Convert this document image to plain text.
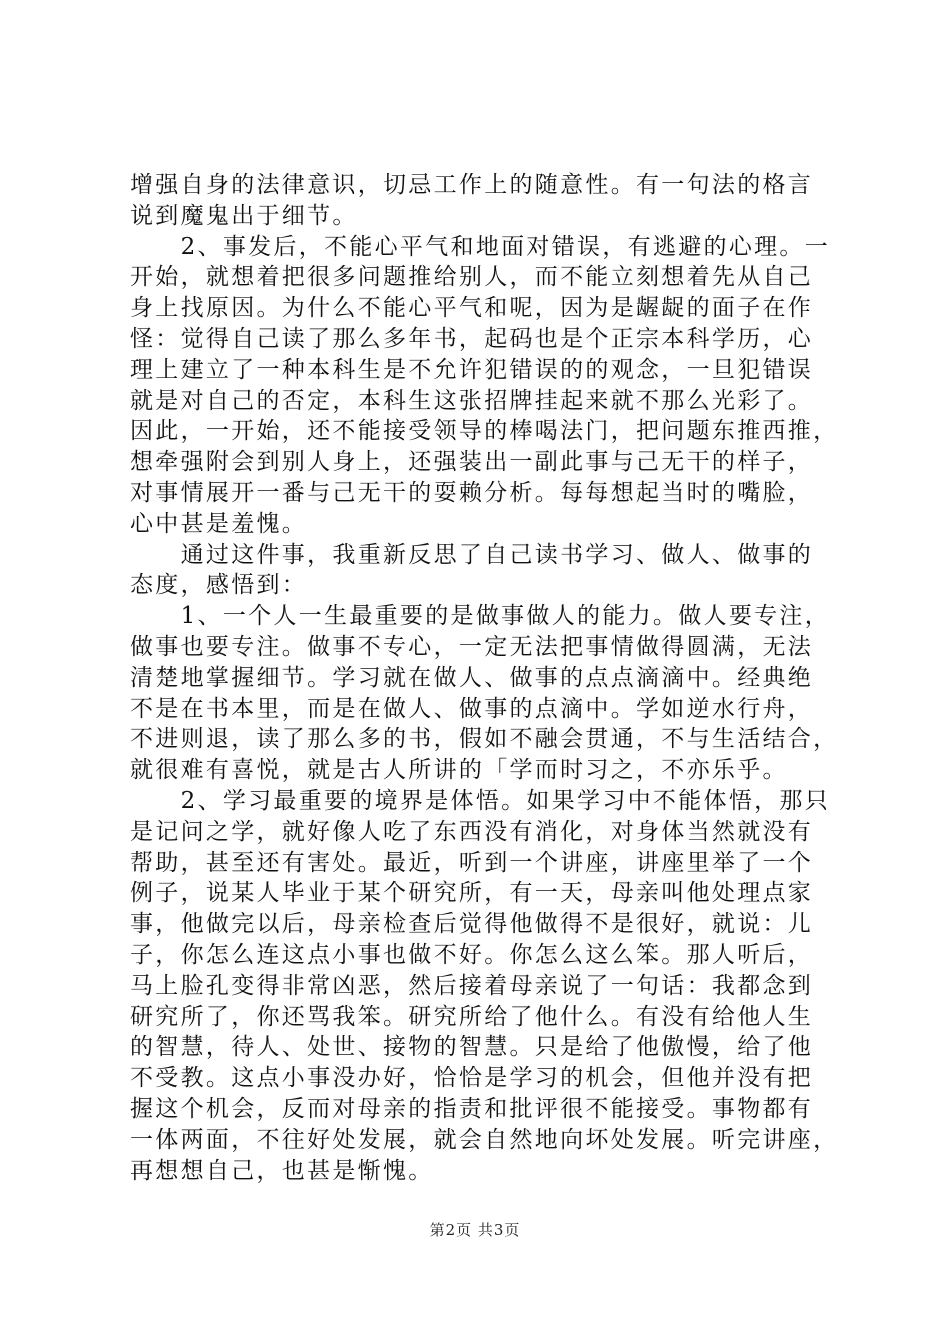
增强自身的法律意识，切忌工作上的随意性。有一句法的格言
说到魔鬼出于细节。
　　2、事发后，不能心平气和地面对错误，有逃避的心理。一
开始，就想着把很多问题推给别人，而不能立刻想着先从自己
身上找原因。为什么不能心平气和呢，因为是龌龊的面子在作
怪：觉得自己读了那么多年书，起码也是个正宗本科学历，心
理上建立了一种本科生是不允许犯错误的的观念，一旦犯错误
就是对自己的否定，本科生这张招牌挂起来就不那么光彩了。
因此，一开始，还不能接受领导的棒喝法门，把问题东推西推，
想牵强附会到别人身上，还强装出一副此事与己无干的样子，
对事情展开一番与己无干的耍赖分析。每每想起当时的嘴脸，
心中甚是羞愧。
　　通过这件事，我重新反思了自己读书学习、做人、做事的
态度，感悟到：
　　1、一个人一生最重要的是做事做人的能力。做人要专注，
做事也要专注。做事不专心，一定无法把事情做得圆满，无法
清楚地掌握细节。学习就在做人、做事的点点滴滴中。经典绝
不是在书本里，而是在做人、做事的点滴中。学如逆水行舟，
不进则退，读了那么多的书，假如不融会贯通，不与生活结合，
就很难有喜悦，就是古人所讲的「学而时习之，不亦乐乎。
　　2、学习最重要的境界是体悟。如果学习中不能体悟，那只
是记问之学，就好像人吃了东西没有消化，对身体当然就没有
帮助，甚至还有害处。最近，听到一个讲座，讲座里举了一个
例子，说某人毕业于某个研究所，有一天，母亲叫他处理点家
事，他做完以后，母亲检查后觉得他做得不是很好，就说：儿
子，你怎么连这点小事也做不好。你怎么这么笨。那人听后，
马上脸孔变得非常凶恶，然后接着母亲说了一句话：我都念到
研究所了，你还骂我笨。研究所给了他什么。有没有给他人生
的智慧，待人、处世、接物的智慧。只是给了他傲慢，给了他
不受教。这点小事没办好，恰恰是学习的机会，但他并没有把
握这个机会，反而对母亲的指责和批评很不能接受。事物都有
一体两面，不往好处发展，就会自然地向坏处发展。听完讲座，
再想想自己，也甚是惭愧。
第2页 共3页
